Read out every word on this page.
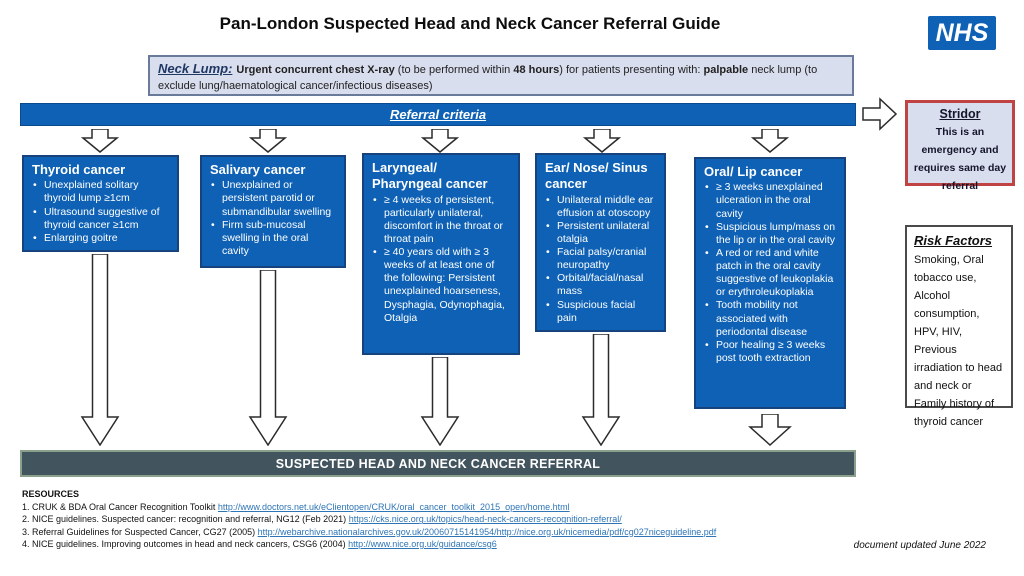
Pan-London Suspected Head and Neck Cancer Referral Guide	NHS
Neck Lump: Urgent concurrent chest X-ray (to be performed within 48 hours) for patients presenting with: palpable neck lump (to exclude lung/haematological cancer/infectious diseases)
Referral criteria
Thyroid cancer
• Unexplained solitary thyroid lump ≥1cm
• Ultrasound suggestive of thyroid cancer ≥1cm
• Enlarging goitre
Salivary cancer
• Unexplained or persistent parotid or submandibular swelling
• Firm sub-mucosal swelling in the oral cavity
Laryngeal/ Pharyngeal cancer
• ≥ 4 weeks of persistent, particularly unilateral, discomfort in the throat or throat pain
• ≥ 40 years old with ≥ 3 weeks of at least one of the following: Persistent unexplained hoarseness, Dysphagia, Odynophagia, Otalgia
Ear/ Nose/ Sinus cancer
• Unilateral middle ear effusion at otoscopy
• Persistent unilateral otalgia
• Facial palsy/cranial neuropathy
• Orbital/facial/nasal mass
• Suspicious facial pain
Oral/ Lip cancer
• ≥ 3 weeks unexplained ulceration in the oral cavity
• Suspicious lump/mass on the lip or in the oral cavity
• A red or red and white patch in the oral cavity suggestive of leukoplakia or erythroleukoplakia
• Tooth mobility not associated with periodontal disease
• Poor healing ≥ 3 weeks post tooth extraction
SUSPECTED HEAD AND NECK CANCER REFERRAL
Stridor
This is an emergency and requires same day referral
Risk Factors
Smoking, Oral tobacco use, Alcohol consumption, HPV, HIV, Previous irradiation to head and neck or Family history of thyroid cancer
RESOURCES
1. CRUK & BDA Oral Cancer Recognition Toolkit http://www.doctors.net.uk/eClientopen/CRUK/oral_cancer_toolkit_2015_open/home.html
2. NICE guidelines. Suspected cancer: recognition and referral, NG12 (Feb 2021) https://cks.nice.org.uk/topics/head-neck-cancers-recognition-referral/
3. Referral Guidelines for Suspected Cancer, CG27 (2005) http://webarchive.nationalarchives.gov.uk/20060715141954/http://nice.org.uk/nicemedia/pdf/cg027niceguideline.pdf
4. NICE guidelines. Improving outcomes in head and neck cancers, CSG6 (2004) http://www.nice.org.uk/guidance/csg6	document updated June 2022
